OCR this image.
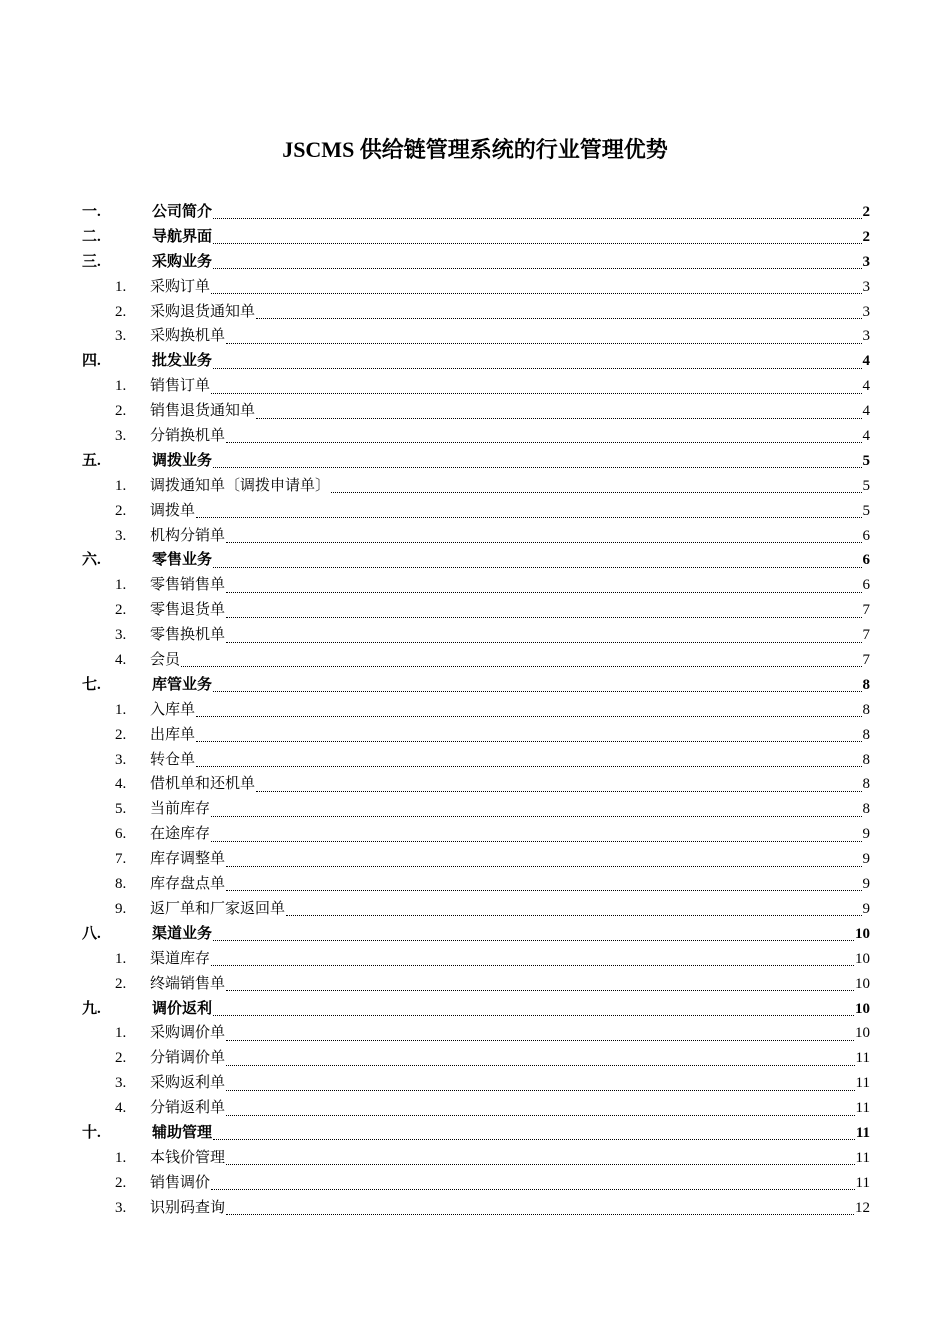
JSCMS 供给链管理系统的行业管理优势
一.	公司简介	2
二.	导航界面	2
三.	采购业务	3
1.	采购订单	3
2.	采购退货通知单	3
3.	采购换机单	3
四.	批发业务	4
1.	销售订单	4
2.	销售退货通知单	4
3.	分销换机单	4
五.	调拨业务	5
1.	调拨通知单〔调拨申请单〕	5
2.	调拨单	5
3.	机构分销单	6
六.	零售业务	6
1.	零售销售单	6
2.	零售退货单	7
3.	零售换机单	7
4.	会员	7
七.	库管业务	8
1.	入库单	8
2.	出库单	8
3.	转仓单	8
4.	借机单和还机单	8
5.	当前库存	8
6.	在途库存	9
7.	库存调整单	9
8.	库存盘点单	9
9.	返厂单和厂家返回单	9
八.	渠道业务	10
1.	渠道库存	10
2.	终端销售单	10
九.	调价返利	10
1.	采购调价单	10
2.	分销调价单	11
3.	采购返利单	11
4.	分销返利单	11
十.	辅助管理	11
1.	本钱价管理	11
2.	销售调价	11
3.	识别码查询	12
